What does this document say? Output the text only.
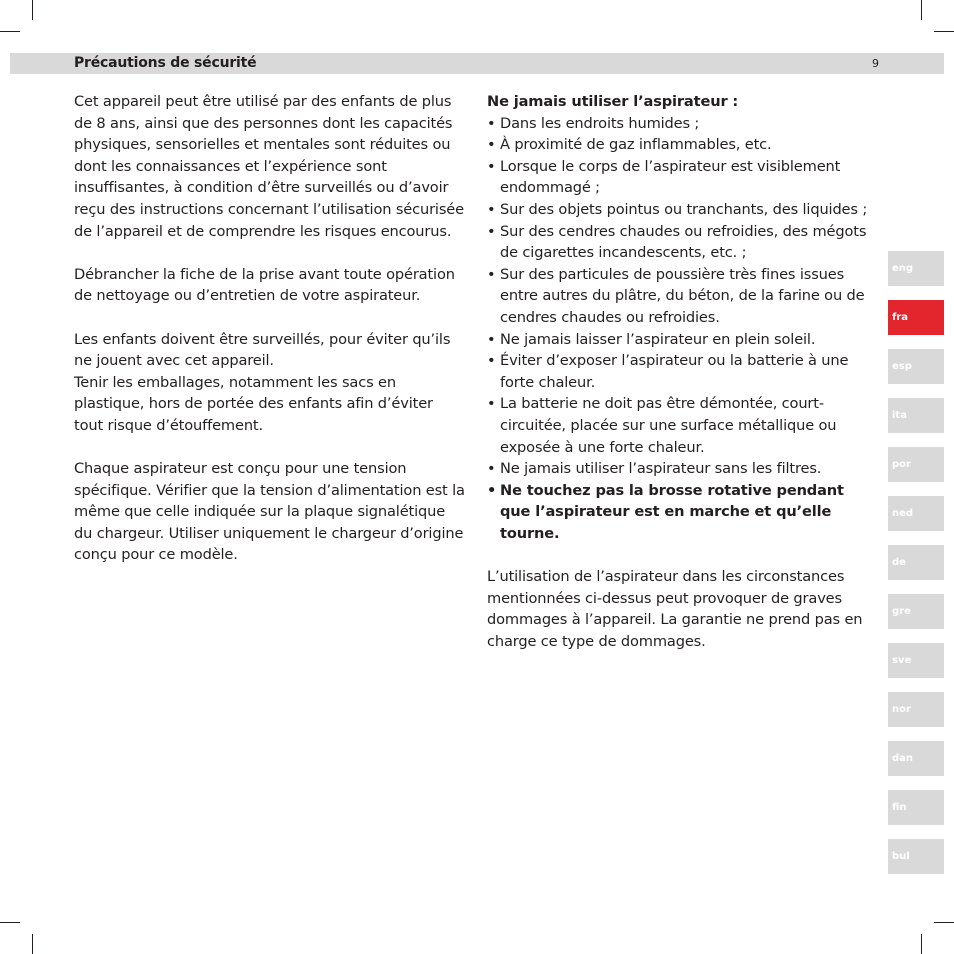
Précautions de sécurité	9

Cet appareil peut être utilisé par des enfants de plus de 8 ans, ainsi que des personnes dont les capacités physiques, sensorielles et mentales sont réduites ou dont les connaissances et l’expérience sont insuffisantes, à condition d’être surveillés ou d’avoir reçu des instructions concernant l’utilisation sécurisée de l’appareil et de comprendre les risques encourus.

Débrancher la fiche de la prise avant toute opération de nettoyage ou d’entretien de votre aspirateur.

Les enfants doivent être surveillés, pour éviter qu’ils ne jouent avec cet appareil.

Tenir les emballages, notamment les sacs en plastique, hors de portée des enfants afin d’éviter tout risque d’étouffement.

Chaque aspirateur est conçu pour une tension spécifique. Vérifier que la tension d’alimentation est la même que celle indiquée sur la plaque signalétique du chargeur. Utiliser uniquement le chargeur d’origine conçu pour ce modèle.

Ne jamais utiliser l’aspirateur :

• Dans les endroits humides ;
• À proximité de gaz inflammables, etc.
• Lorsque le corps de l’aspirateur est visiblement endommagé ;
• Sur des objets pointus ou tranchants, des liquides ;
• Sur des cendres chaudes ou refroidies, des mégots de cigarettes incandescents, etc. ;
• Sur des particules de poussière très fines issues entre autres du plâtre, du béton, de la farine ou de cendres chaudes ou refroidies.
• Ne jamais laisser l’aspirateur en plein soleil.
• Éviter d’exposer l’aspirateur ou la batterie à une forte chaleur.
• La batterie ne doit pas être démontée, court-circuitée, placée sur une surface métallique ou exposée à une forte chaleur.
• Ne jamais utiliser l’aspirateur sans les filtres.
• Ne touchez pas la brosse rotative pendant que l’aspirateur est en marche et qu’elle tourne.

L’utilisation de l’aspirateur dans les circonstances mentionnées ci-dessus peut provoquer de graves dommages à l’appareil. La garantie ne prend pas en charge ce type de dommages.

eng
fra
esp
ita
por
ned
de
gre
sve
nor
dan
fin
bul
